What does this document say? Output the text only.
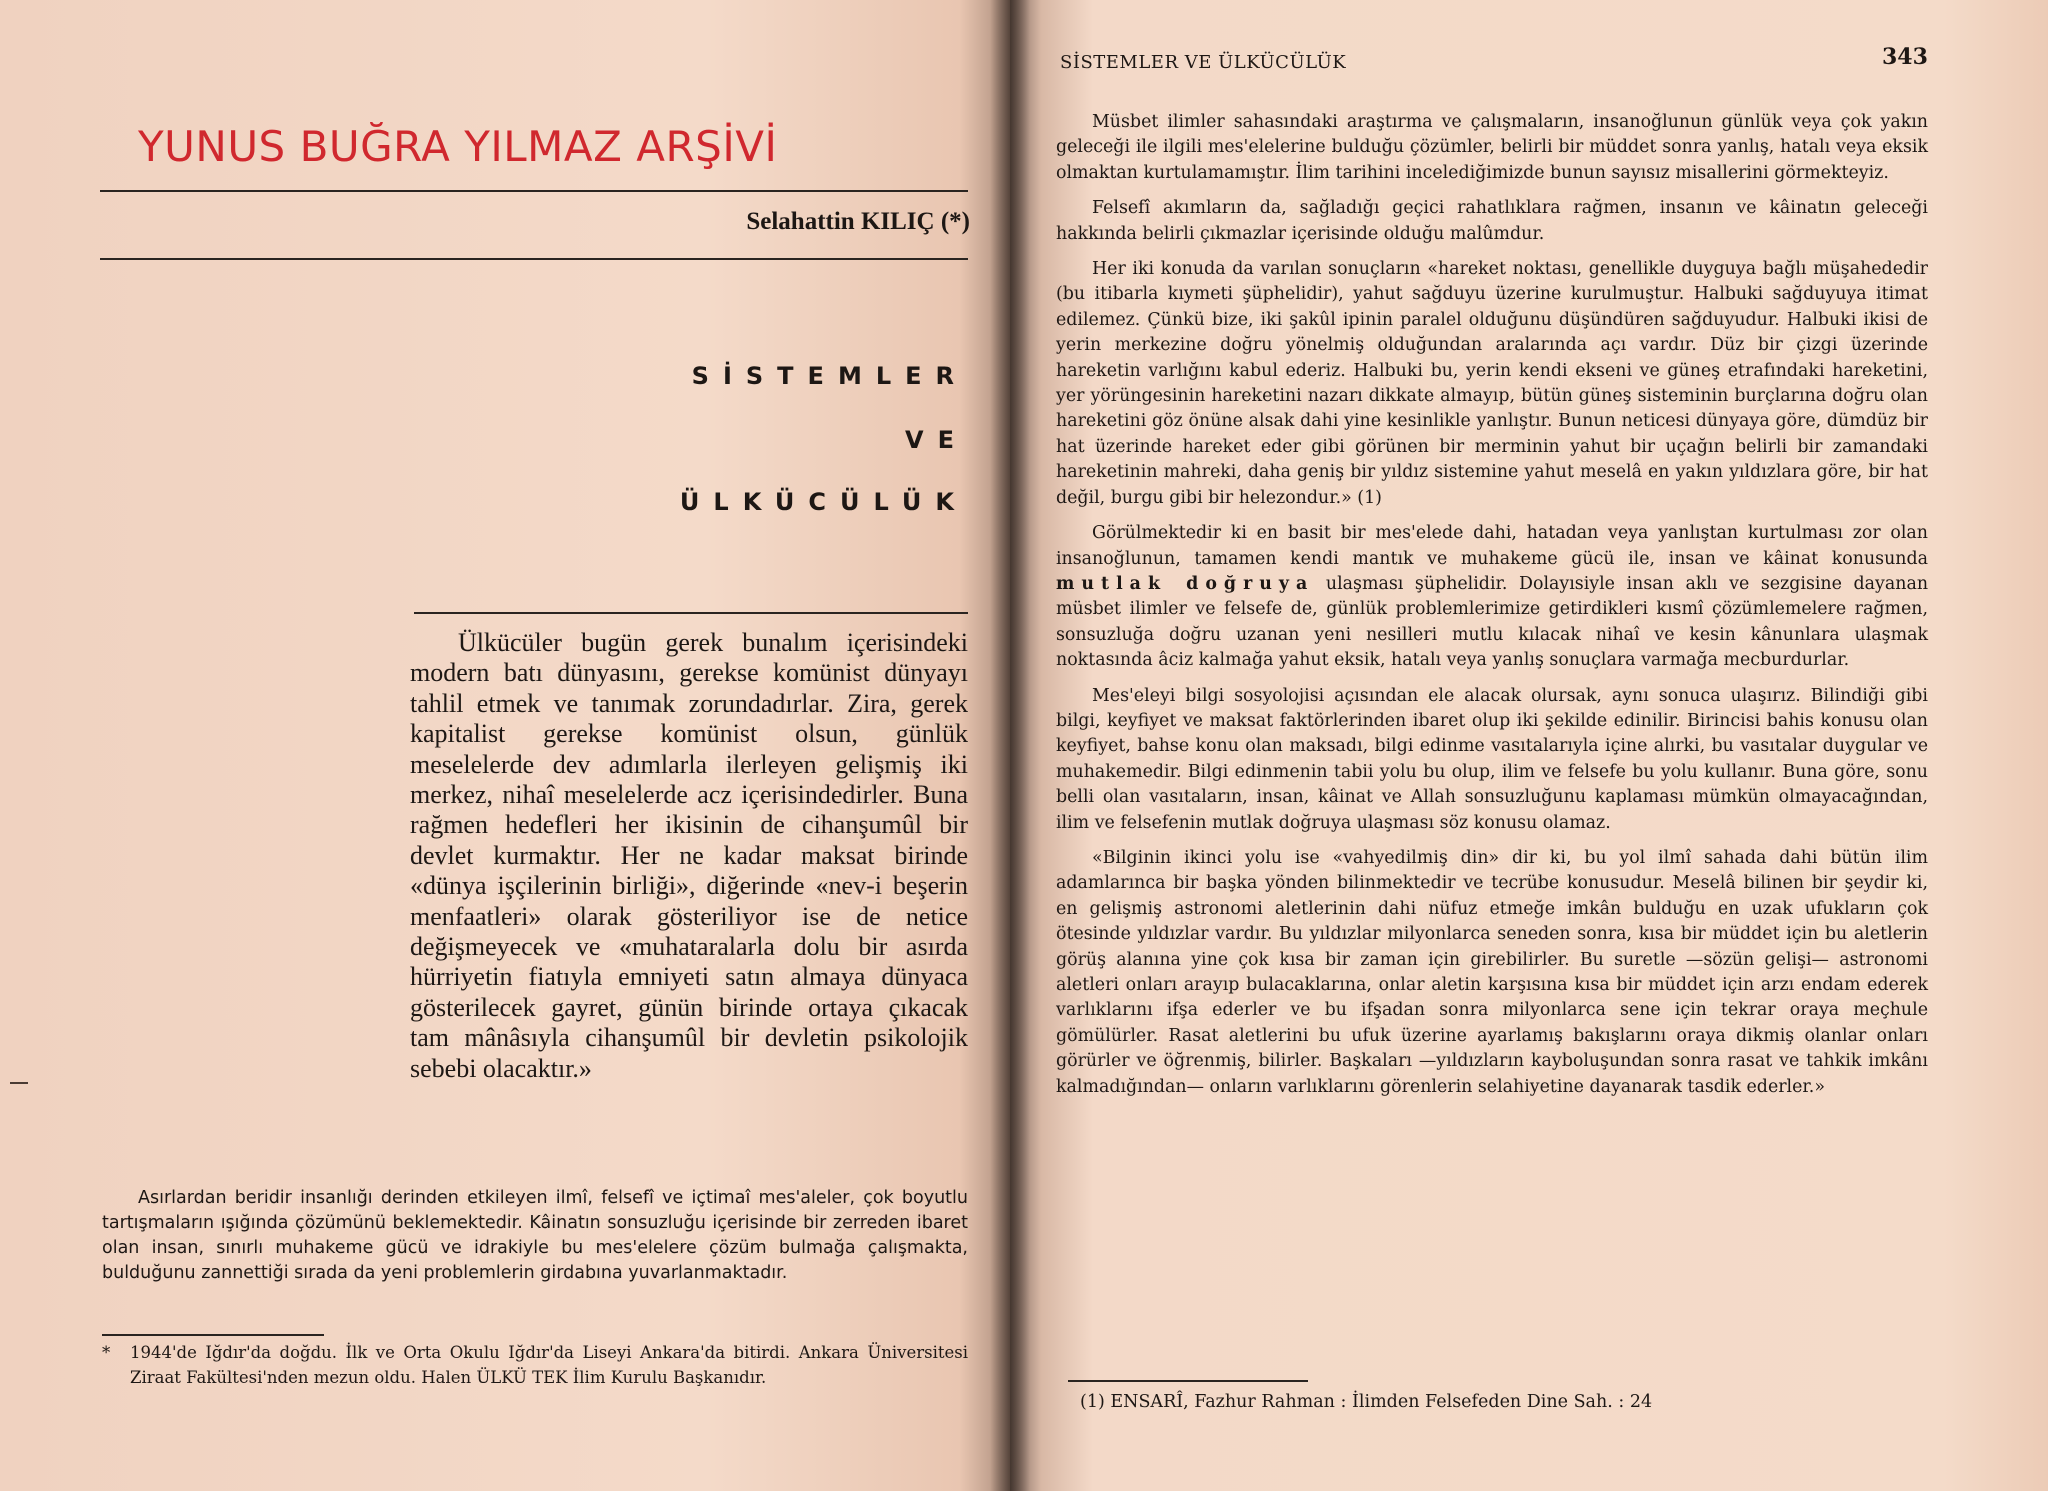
YUNUS BUĞRA YILMAZ ARŞİVİ
Selahattin KILIÇ (*)
SİSTEMLER
VE
ÜLKÜCÜLÜK

Ülkücüler bugün gerek bunalım içerisindeki modern batı dünyasını, gerekse komünist dünyayı tahlil etmek ve tanımak zorundadırlar. Zira, gerek kapitalist gerekse komünist olsun, günlük meselelerde dev adımlarla ilerleyen gelişmiş iki merkez, nihaî meselelerde acz içerisindedirler. Buna rağmen hedefleri her ikisinin de cihanşumûl bir devlet kurmaktır. Her ne kadar maksat birinde «dünya işçilerinin birliği», diğerinde «nev-i beşerin menfaatleri» olarak gösteriliyor ise de netice değişmeyecek ve «muhataralarla dolu bir asırda hürriyetin fiatıyla emniyeti satın almaya dünyaca gösterilecek gayret, günün birinde ortaya çıkacak tam mânâsıyla cihanşumûl bir devletin psikolojik sebebi olacaktır.»

Asırlardan beridir insanlığı derinden etkileyen ilmî, felsefî ve içtimaî mes'aleler, çok boyutlu tartışmaların ışığında çözümünü beklemektedir. Kâinatın sonsuzluğu içerisinde bir zerreden ibaret olan insan, sınırlı muhakeme gücü ve idrakiyle bu mes'elelere çözüm bulmağa çalışmakta, bulduğunu zannettiği sırada da yeni problemlerin girdabına yuvarlanmaktadır.

* 1944'de Iğdır'da doğdu. İlk ve Orta Okulu Iğdır'da Liseyi Ankara'da bitirdi. Ankara Üniversitesi Ziraat Fakültesi'nden mezun oldu. Halen ÜLKÜ TEK İlim Kurulu Başkanıdır.
SİSTEMLER VE ÜLKÜCÜLÜK	343

Müsbet ilimler sahasındaki araştırma ve çalışmaların, insanoğlunun günlük veya çok yakın geleceği ile ilgili mes'elelerine bulduğu çözümler, belirli bir müddet sonra yanlış, hatalı veya eksik olmaktan kurtulamamıştır. İlim tarihini incelediğimizde bunun sayısız misallerini görmekteyiz.

Felsefî akımların da, sağladığı geçici rahatlıklara rağmen, insanın ve kâinatın geleceği hakkında belirli çıkmazlar içerisinde olduğu malûmdur.

Her iki konuda da varılan sonuçların «hareket noktası, genellikle duyguya bağlı müşahededir (bu itibarla kıymeti şüphelidir), yahut sağduyu üzerine kurulmuştur. Halbuki sağduyuya itimat edilemez. Çünkü bize, iki şakûl ipinin paralel olduğunu düşündüren sağduyudur. Halbuki ikisi de yerin merkezine doğru yönelmiş olduğundan aralarında açı vardır. Düz bir çizgi üzerinde hareketin varlığını kabul ederiz. Halbuki bu, yerin kendi ekseni ve güneş etrafındaki hareketini, yer yörüngesinin hareketini nazarı dikkate almayıp, bütün güneş sisteminin burçlarına doğru olan hareketini göz önüne alsak dahi yine kesinlikle yanlıştır. Bunun neticesi dünyaya göre, dümdüz bir hat üzerinde hareket eder gibi görünen bir merminin yahut bir uçağın belirli bir zamandaki hareketinin mahreki, daha geniş bir yıldız sistemine yahut meselâ en yakın yıldızlara göre, bir hat değil, burgu gibi bir helezondur.» (1)

Görülmektedir ki en basit bir mes'elede dahi, hatadan veya yanlıştan kurtulması zor olan insanoğlunun, tamamen kendi mantık ve muhakeme gücü ile, insan ve kâinat konusunda mutlak doğruya ulaşması şüphelidir. Dolayısiyle insan aklı ve sezgisine dayanan müsbet ilimler ve felsefe de, günlük problemlerimize getirdikleri kısmî çözümlemelere rağmen, sonsuzluğa doğru uzanan yeni nesilleri mutlu kılacak nihaî ve kesin kânunlara ulaşmak noktasında âciz kalmağa yahut eksik, hatalı veya yanlış sonuçlara varmağa mecburdurlar.

Mes'eleyi bilgi sosyolojisi açısından ele alacak olursak, aynı sonuca ulaşırız. Bilindiği gibi bilgi, keyfiyet ve maksat faktörlerinden ibaret olup iki şekilde edinilir. Birincisi bahis konusu olan keyfiyet, bahse konu olan maksadı, bilgi edinme vasıtalarıyla içine alırki, bu vasıtalar duygular ve muhakemedir. Bilgi edinmenin tabii yolu bu olup, ilim ve felsefe bu yolu kullanır. Buna göre, sonu belli olan vasıtaların, insan, kâinat ve Allah sonsuzluğunu kaplaması mümkün olmayacağından, ilim ve felsefenin mutlak doğruya ulaşması söz konusu olamaz.

«Bilginin ikinci yolu ise «vahyedilmiş din» dir ki, bu yol ilmî sahada dahi bütün ilim adamlarınca bir başka yönden bilinmektedir ve tecrübe konusudur. Meselâ bilinen bir şeydir ki, en gelişmiş astronomi aletlerinin dahi nüfuz etmeğe imkân bulduğu en uzak ufukların çok ötesinde yıldızlar vardır. Bu yıldızlar milyonlarca seneden sonra, kısa bir müddet için bu aletlerin görüş alanına yine çok kısa bir zaman için girebilirler. Bu suretle —sözün gelişi— astronomi aletleri onları arayıp bulacaklarına, onlar aletin karşısına kısa bir müddet için arzı endam ederek varlıklarını ifşa ederler ve bu ifşadan sonra milyonlarca sene için tekrar oraya meçhule gömülürler. Rasat aletlerini bu ufuk üzerine ayarlamış bakışlarını oraya dikmiş olanlar onları görürler ve öğrenmiş, bilirler. Başkaları —yıldızların kayboluşundan sonra rasat ve tahkik imkânı kalmadığından— onların varlıklarını görenlerin selahiyetine dayanarak tasdik ederler.»

(1) ENSARÎ, Fazhur Rahman : İlimden Felsefeden Dine Sah. : 24
